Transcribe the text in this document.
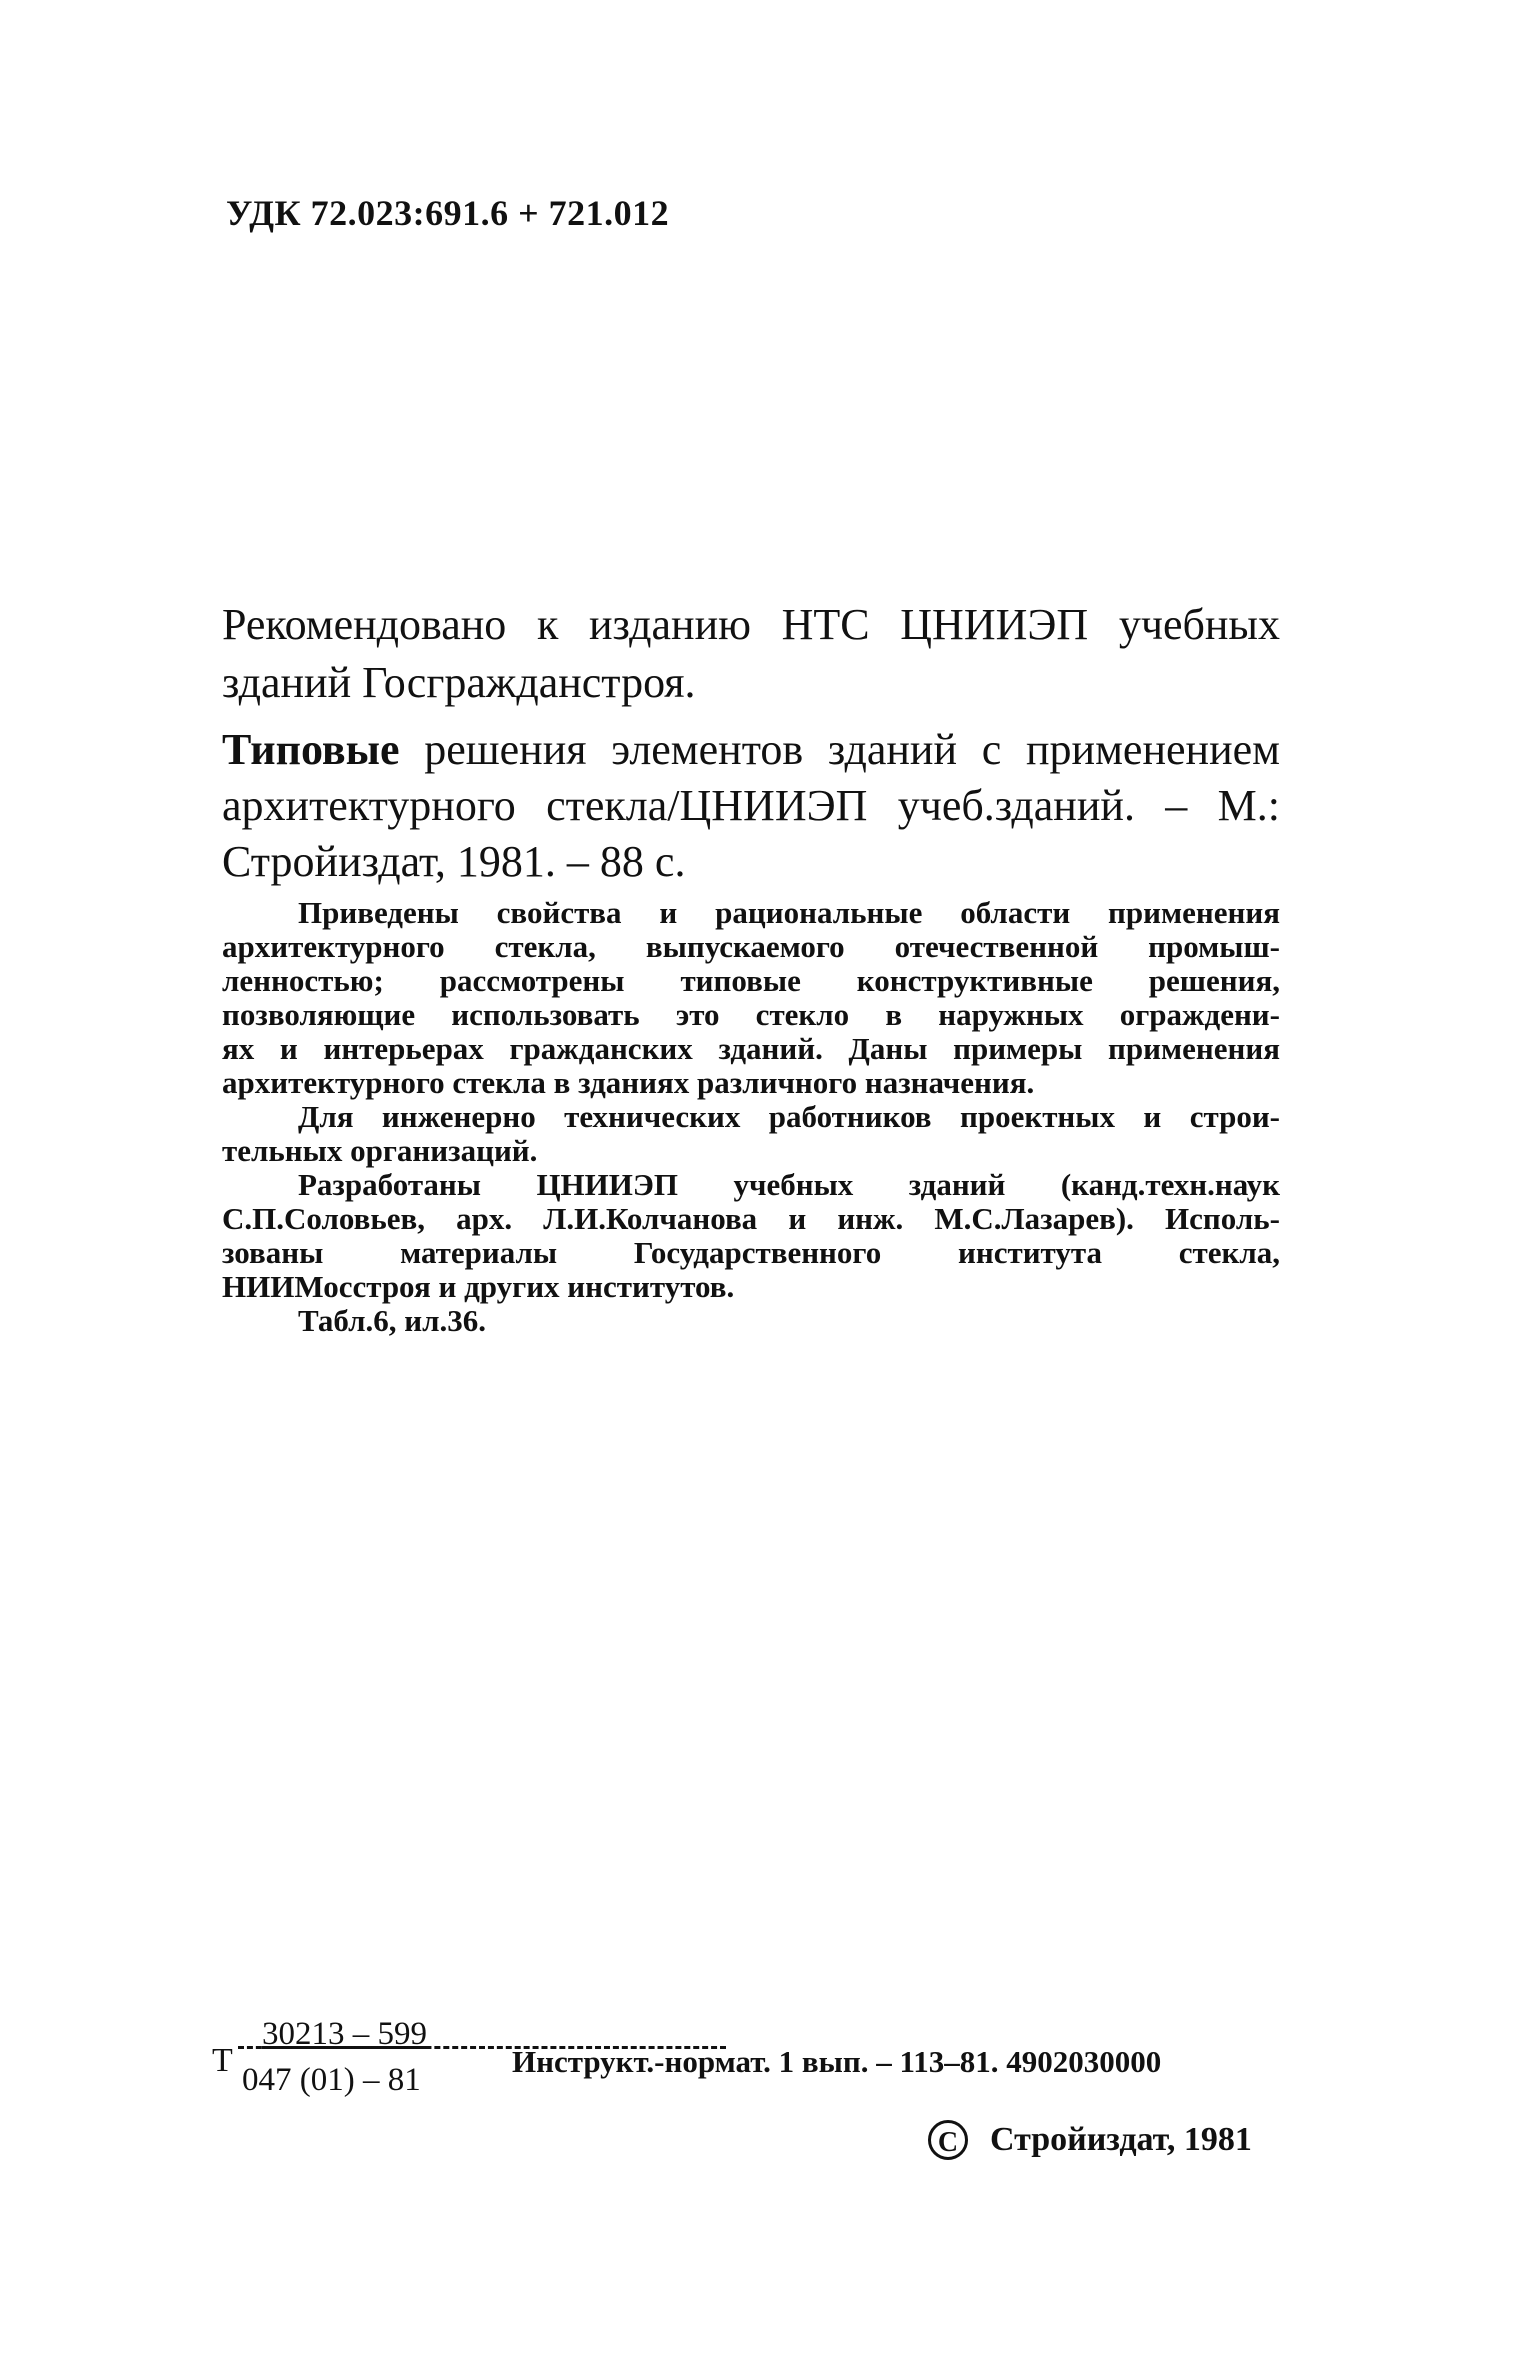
УДК 72.023:691.6 + 721.012
Рекомендовано к изданию НТС ЦНИИЭП учебных
зданий Госгражданстроя.
Типовые решения элементов зданий с применением
архитектурного стекла/ЦНИИЭП учеб.зданий. – М.:
Стройиздат, 1981. – 88 с.
Приведены свойства и рациональные области применения
архитектурного стекла, выпускаемого отечественной промыш-
ленностью; рассмотрены типовые конструктивные решения,
позволяющие использовать это стекло в наружных ограждени-
ях и интерьерах гражданских зданий. Даны примеры применения
архитектурного стекла в зданиях различного назначения.
Для инженерно технических работников проектных и строи-
тельных организаций.
Разработаны ЦНИИЭП учебных зданий (канд.техн.наук
С.П.Соловьев, арх. Л.И.Колчанова и инж. М.С.Лазарев). Исполь-
зованы материалы Государственного института стекла,
НИИМосстроя и других институтов.
Табл.6, ил.36.
Т
30213 – 599
047 (01) – 81
Инструкт.-нормат. 1 вып. – 113–81. 4902030000
C Стройиздат, 1981
